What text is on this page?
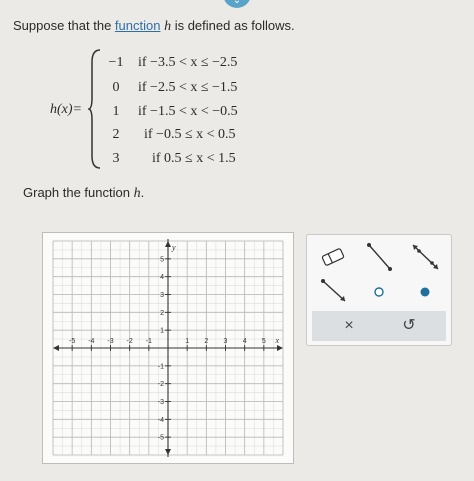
⌄
Suppose that the function h is defined as follows.
h(x)=
−1	if −3.5 < x ≤ −2.5
0	if −2.5 < x ≤ −1.5
1	if −1.5 < x < −0.5
2	if −0.5 ≤ x < 0.5
3	if 0.5 ≤ x < 1.5
Graph the function h.
-5 -4 -3 -2 -1	1 2 3 4 5
5
4
3
2
1
-1
-2
-3
-4
-5
x
y
×	↺
